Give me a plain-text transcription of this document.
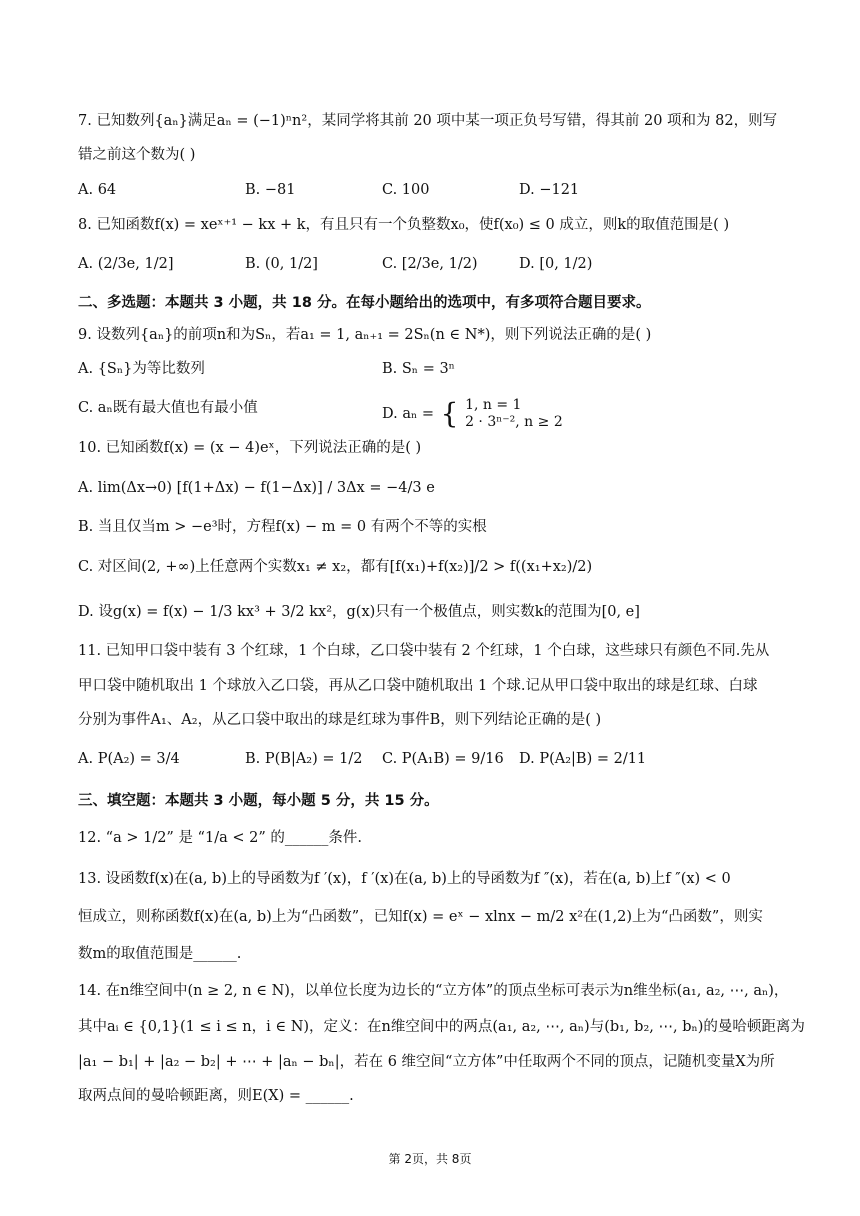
7. 已知数列{aₙ}满足aₙ = (−1)ⁿn²，某同学将其前 20 项中某一项正负号写错，得其前 20 项和为 82，则写
错之前这个数为( )
A. 64	B. −81	C. 100	D. −121
8. 已知函数f(x) = xeˣ⁺¹ − kx + k，有且只有一个负整数x₀，使f(x₀) ≤ 0 成立，则k的取值范围是( )
A. (2/3e, 1/2]	B. (0, 1/2]	C. [2/3e, 1/2)	D. [0, 1/2)
二、多选题：本题共 3 小题，共 18 分。在每小题给出的选项中，有多项符合题目要求。
9. 设数列{aₙ}的前项n和为Sₙ，若a₁ = 1, aₙ₊₁ = 2Sₙ(n ∈ N*)，则下列说法正确的是( )
A. {Sₙ}为等比数列	B. Sₙ = 3ⁿ
C. aₙ既有最大值也有最小值	D. aₙ = { 1, n = 1
2 · 3ⁿ⁻², n ≥ 2
10. 已知函数f(x) = (x − 4)eˣ，下列说法正确的是( )
A. lim(Δx→0) [f(1+Δx) − f(1−Δx)] / 3Δx = −4/3 e
B. 当且仅当m > −e³时，方程f(x) − m = 0 有两个不等的实根
C. 对区间(2, +∞)上任意两个实数x₁ ≠ x₂，都有[f(x₁)+f(x₂)]/2 > f((x₁+x₂)/2)
D. 设g(x) = f(x) − 1/3 kx³ + 3/2 kx²，g(x)只有一个极值点，则实数k的范围为[0, e]
11. 已知甲口袋中装有 3 个红球，1 个白球，乙口袋中装有 2 个红球，1 个白球，这些球只有颜色不同.先从
甲口袋中随机取出 1 个球放入乙口袋，再从乙口袋中随机取出 1 个球.记从甲口袋中取出的球是红球、白球
分别为事件A₁、A₂，从乙口袋中取出的球是红球为事件B，则下列结论正确的是( )
A. P(A₂) = 3/4	B. P(B|A₂) = 1/2 C. P(A₁B) = 9/16 D. P(A₂|B) = 2/11
三、填空题：本题共 3 小题，每小题 5 分，共 15 分。
12. “a > 1/2” 是 “1/a < 2” 的______条件.
13. 设函数f(x)在(a, b)上的导函数为f ′(x)，f ′(x)在(a, b)上的导函数为f ″(x)，若在(a, b)上f ″(x) < 0
恒成立，则称函数f(x)在(a, b)上为“凸函数”，已知f(x) = eˣ − xlnx − m/2 x²在(1,2)上为“凸函数”，则实
数m的取值范围是______.
14. 在n维空间中(n ≥ 2, n ∈ N)，以单位长度为边长的“立方体”的顶点坐标可表示为n维坐标(a₁, a₂, ⋯, aₙ)，
其中aᵢ ∈ {0,1}(1 ≤ i ≤ n，i ∈ N)，定义：在n维空间中的两点(a₁, a₂, ⋯, aₙ)与(b₁, b₂, ⋯, bₙ)的曼哈顿距离为
|a₁ − b₁| + |a₂ − b₂| + ⋯ + |aₙ − bₙ|，若在 6 维空间“立方体”中任取两个不同的顶点，记随机变量X为所
取两点间的曼哈顿距离，则E(X) = ______.
第 2页，共 8页
